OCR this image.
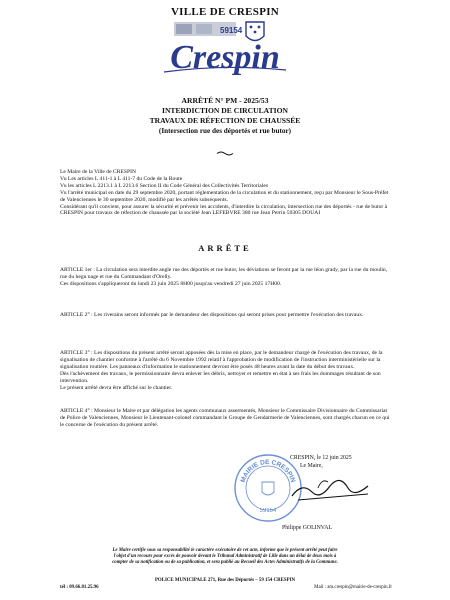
VILLE DE CRESPIN
59154
Crespin
ARRÊTÉ N° PM - 2025/53
INTERDICTION DE CIRCULATION
TRAVAUX DE RÉFECTION DE CHAUSSÉE
(Intersection rue des déportés et rue butor)

Le Maire de la Ville de CRESPIN

Vu Les articles L 411-1 à L 411-7 du Code de la Route

Vu les articles L 2213.1 à L 2213.6 Section II du Code Général des Collectivités Territoriales

Vu l'arrêté municipal en date du 29 septembre 2020, portant réglementation de la circulation et du stationnement, reçu par Monsieur le Sous-Préfet de Valenciennes le 30 septembre 2020, modifié par les arrêtés subséquents.

Considérant qu'il convient, pour assurer la sécurité et prévenir les accidents, d'interdire la circulation, intersection rue des déportés - rue de butor à CRESPIN pour travaux de réfection de chaussée par la société Jean LEFEBVRE 380 rue Jean Perrin 59305 DOUAI

ARRÊTE

ARTICLE 1er : La circulation sera interdite angle rue des déportés et rue butor, les déviations se feront par la rue léon grady, par la rue du moulin, rue du hegu nage et rue du Commandant d'Orelly.

Ces dispositions s'appliqueront du lundi 23 juin 2025 8H00 jusqu'au vendredi 27 juin 2025 17H00.

ARTICLE 2° : Les riverains seront informés par le demandeur des dispositions qui seront prises pour permettre l'exécution des travaux.

ARTICLE 3° : Les dispositions du présent arrêté seront apposées dès la mise en place, par le demandeur chargé de l'exécution des travaux, de la signalisation de chantier conforme à l'arrêté du 6 Novembre 1992 relatif à l'approbation de modification de l'instruction interministérielle sur la signalisation routière. Les panneaux d'information le stationnement devront être posés 48 heures avant la date du début des travaux.

Dès l'achèvement des travaux, le permissionnaire devra enlever les débris, nettoyer et remettre en état à ses frais les dommages résultant de son intervention.

Le présent arrêté devra être affiché sur le chantier.

ARTICLE 4° : Monsieur le Maire et par délégation les agents communaux assermentés, Monsieur le Commissaire Divisionnaire du Commissariat de Police de Valenciennes, Monsieur le Lieutenant-colonel commandant le Groupe de Gendarmerie de Valenciennes, sont chargés chacun en ce qui le concerne de l'exécution du présent arrêté.

MAIRIE DE CRESPIN
59154
CRESPIN, le 12 juin 2025
Le Maire,
Philippe GOLINVAL
Le Maire certifie sous sa responsabilité le caractère exécutoire de cet acte, informe que le présent arrêté peut faire
l'objet d'un recours pour excès de pouvoir devant le Tribunal Administratif de Lille dans un délai de deux mois à
compter de sa notification ou de sa publication, et sera publié au Recueil des Actes Administratifs de la Commune.
POLICE MUNICIPALE 271, Rue des Déportés – 59 154 CRESPIN
tél : 09.66.81.25.96	Mail : am.crespin@mairie-de-crespin.fr
